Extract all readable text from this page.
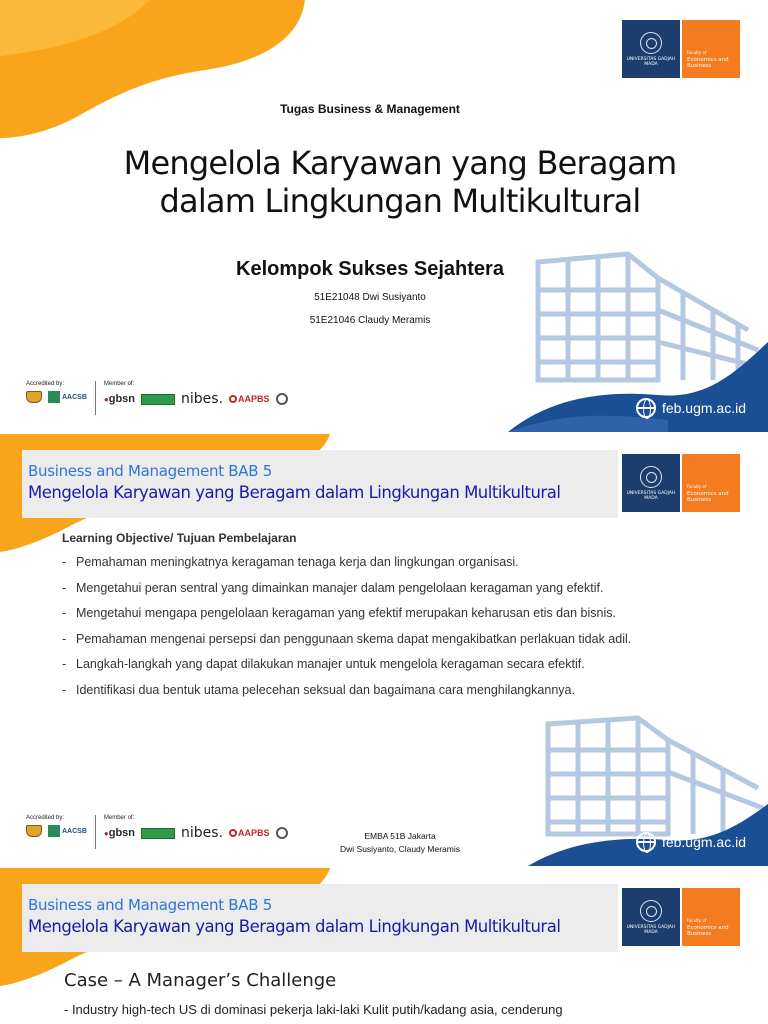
UNIVERSITAS GADJAH MADA
Faculty of
Economics and Business
Tugas Business & Management
Mengelola Karyawan yang Beragam
dalam Lingkungan Multikultural
Kelompok Sukses Sejahtera
51E21048 Dwi Susiyanto
51E21046 Claudy Meramis
feb.ugm.ac.id
Accredited by:
AACSB
Member of:
●gbsn	nibes.	AAPBS
Business and Management BAB 5
Mengelola Karyawan yang Beragam dalam Lingkungan Multikultural	UNIVERSITAS GADJAH MADA
Faculty of
Economics and Business
Learning Objective/ Tujuan Pembelajaran
- Pemahaman meningkatnya keragaman tenaga kerja dan lingkungan organisasi.
- Mengetahui peran sentral yang dimainkan manajer dalam pengelolaan keragaman yang efektif.
- Mengetahui mengapa pengelolaan keragaman yang efektif merupakan keharusan etis dan bisnis.
- Pemahaman mengenai persepsi dan penggunaan skema dapat mengakibatkan perlakuan tidak adil.
- Langkah-langkah yang dapat dilakukan manajer untuk mengelola keragaman secara efektif.
- Identifikasi dua bentuk utama pelecehan seksual dan bagaimana cara menghilangkannya.
feb.ugm.ac.id
EMBA 51B Jakarta
Dwi Susiyanto, Claudy Meramis	Page 2
Accredited by:
AACSB
Member of:
●gbsn	nibes.	AAPBS
Business and Management BAB 5
Mengelola Karyawan yang Beragam dalam Lingkungan Multikultural	UNIVERSITAS GADJAH MADA
Faculty of
Economics and Business
Case – A Manager’s Challenge
- Industry high-tech US di dominasi pekerja laki-laki Kulit putih/kadang asia, cenderung
